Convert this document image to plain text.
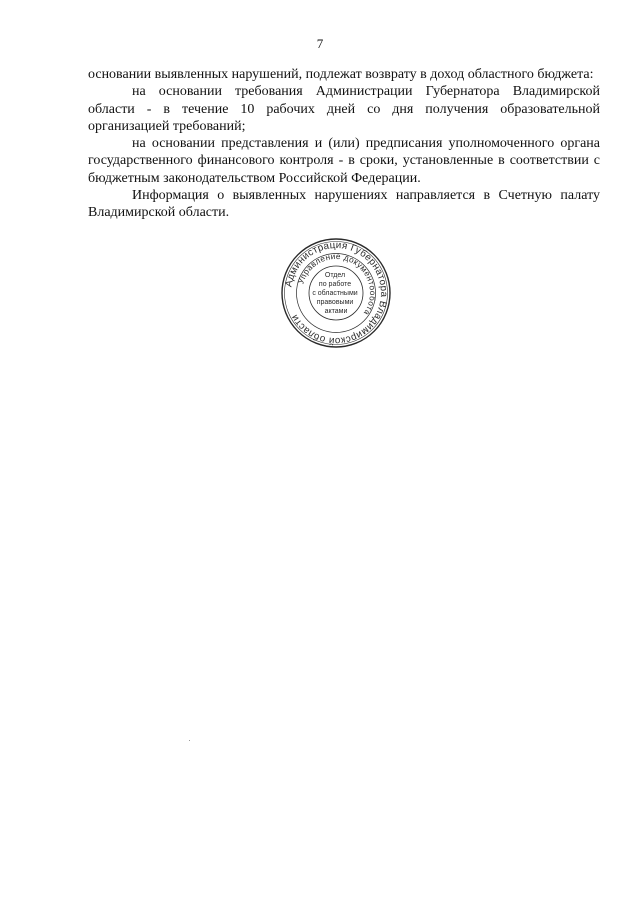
7

основании выявленных нарушений, подлежат возврату в доход областного бюджета:

на основании требования Администрации Губернатора Владимирской области - в течение 10 рабочих дней со дня получения образовательной организацией требований;

на основании представления и (или) предписания уполномоченного органа государственного финансового контроля - в сроки, установленные в соответствии с бюджетным законодательством Российской Федерации.

Информация о выявленных нарушениях направляется в Счетную палату Владимирской области.

Администрация Губернатора Владимирской области
Управление документообота
Отдел по работе с областными правовыми актами
